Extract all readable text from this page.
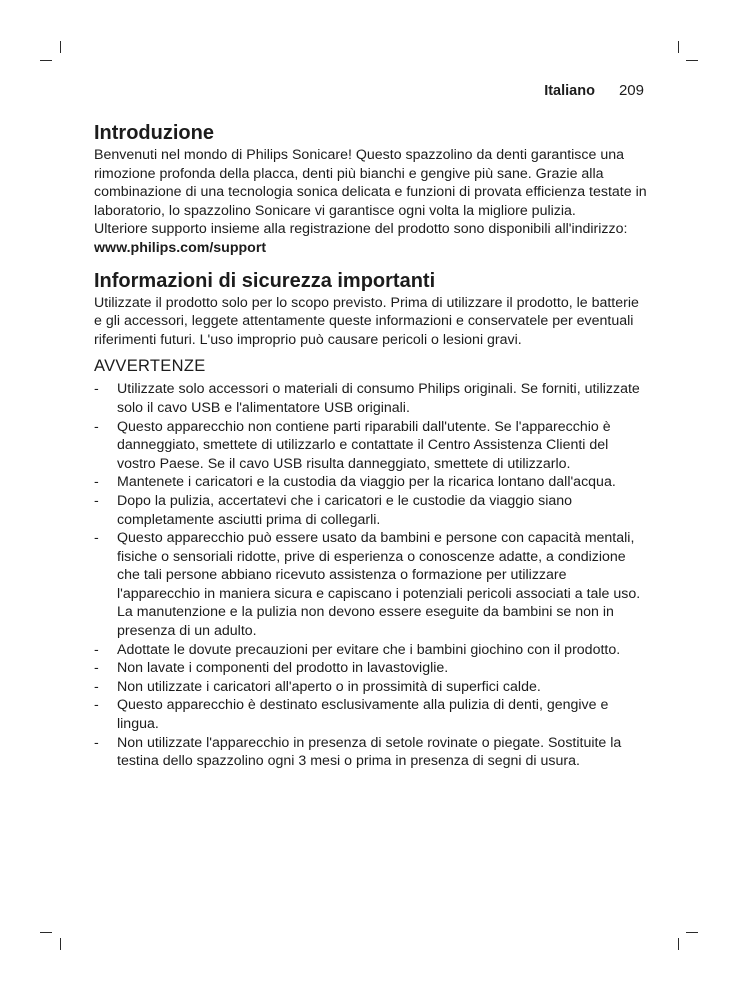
Italiano 209
Introduzione

Benvenuti nel mondo di Philips Sonicare! Questo spazzolino da denti garantisce una rimozione profonda della placca, denti più bianchi e gengive più sane. Grazie alla combinazione di una tecnologia sonica delicata e funzioni di provata efficienza testate in laboratorio, lo spazzolino Sonicare vi garantisce ogni volta la migliore pulizia.

Ulteriore supporto insieme alla registrazione del prodotto sono disponibili all'indirizzo: www.philips.com/support

Informazioni di sicurezza importanti

Utilizzate il prodotto solo per lo scopo previsto. Prima di utilizzare il prodotto, le batterie e gli accessori, leggete attentamente queste informazioni e conservatele per eventuali riferimenti futuri. L'uso improprio può causare pericoli o lesioni gravi.

AVVERTENZE
- Utilizzate solo accessori o materiali di consumo Philips originali. Se forniti, utilizzate solo il cavo USB e l'alimentatore USB originali.
- Questo apparecchio non contiene parti riparabili dall'utente. Se l'apparecchio è danneggiato, smettete di utilizzarlo e contattate il Centro Assistenza Clienti del vostro Paese. Se il cavo USB risulta danneggiato, smettete di utilizzarlo.
- Mantenete i caricatori e la custodia da viaggio per la ricarica lontano dall'acqua.
- Dopo la pulizia, accertatevi che i caricatori e le custodie da viaggio siano completamente asciutti prima di collegarli.
- Questo apparecchio può essere usato da bambini e persone con capacità mentali, fisiche o sensoriali ridotte, prive di esperienza o conoscenze adatte, a condizione che tali persone abbiano ricevuto assistenza o formazione per utilizzare l'apparecchio in maniera sicura e capiscano i potenziali pericoli associati a tale uso. La manutenzione e la pulizia non devono essere eseguite da bambini se non in presenza di un adulto.
- Adottate le dovute precauzioni per evitare che i bambini giochino con il prodotto.
- Non lavate i componenti del prodotto in lavastoviglie.
- Non utilizzate i caricatori all'aperto o in prossimità di superfici calde.
- Questo apparecchio è destinato esclusivamente alla pulizia di denti, gengive e lingua.
- Non utilizzate l'apparecchio in presenza di setole rovinate o piegate. Sostituite la testina dello spazzolino ogni 3 mesi o prima in presenza di segni di usura.
